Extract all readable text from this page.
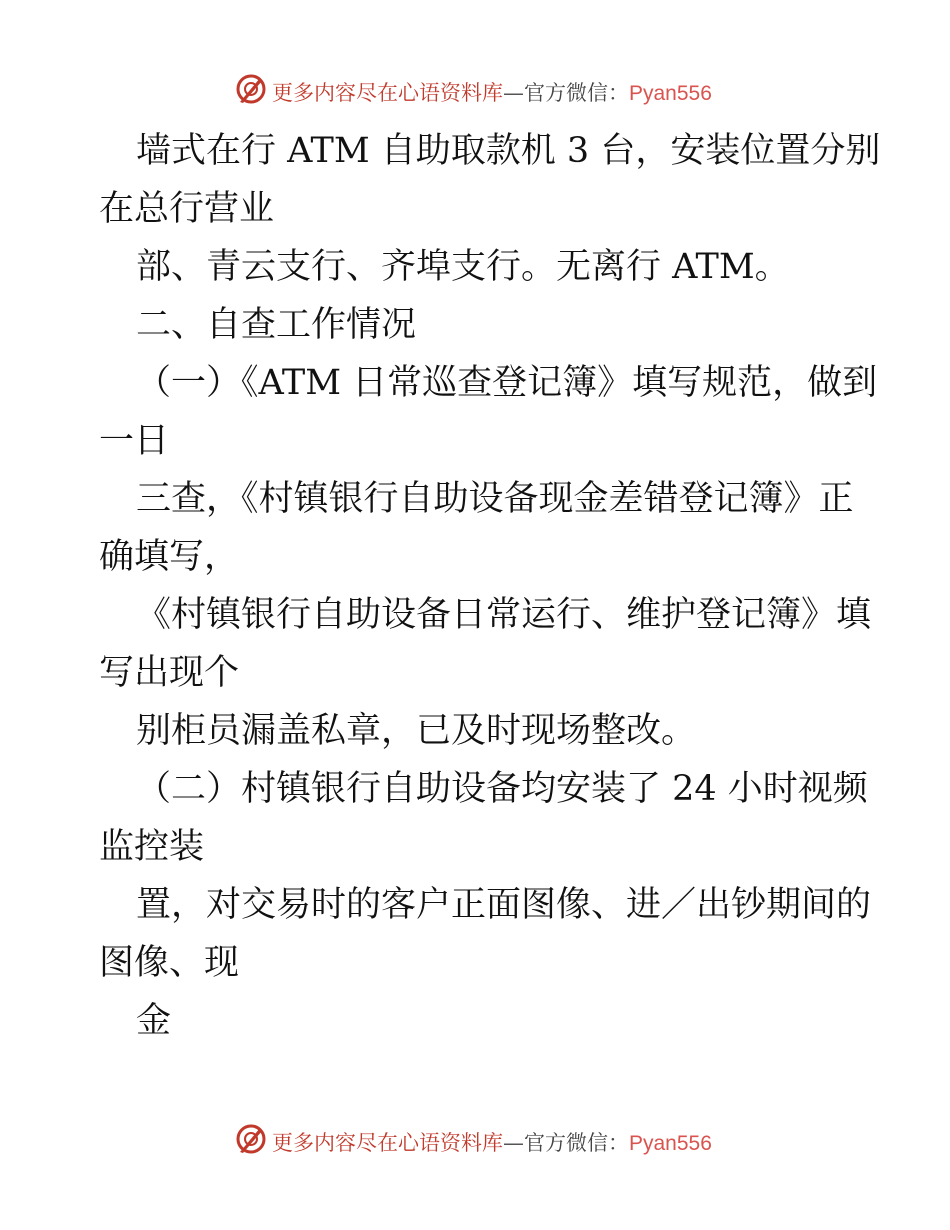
更多内容尽在心语资料库—官方微信：Pyan556
墙式在行 ATM 自助取款机 3 台，安装位置分别
在总行营业
部、青云支行、齐埠支行。无离行 ATM。
二、自查工作情况
（一）《ATM 日常巡查登记簿》填写规范，做到
一日
三查，《村镇银行自助设备现金差错登记簿》正
确填写，
《村镇银行自助设备日常运行、维护登记簿》填
写出现个
别柜员漏盖私章，已及时现场整改。
（二）村镇银行自助设备均安装了 24 小时视频
监控装
置，对交易时的客户正面图像、进／出钞期间的
图像、现
金
更多内容尽在心语资料库—官方微信：Pyan556
